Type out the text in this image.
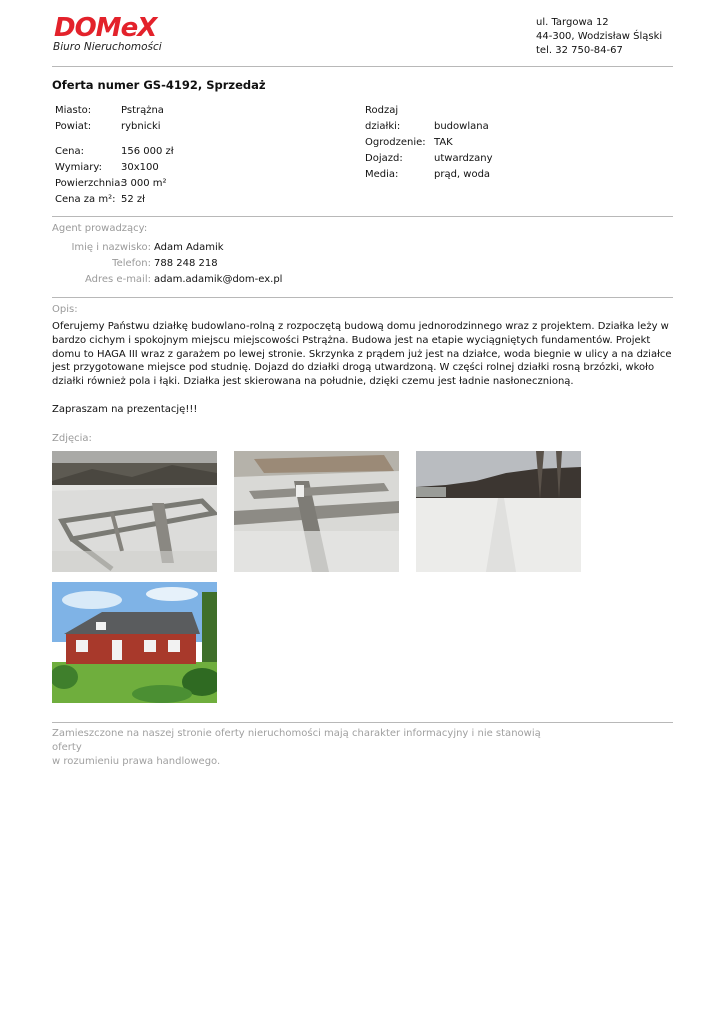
DOMeX
Biuro Nieruchomości
ul. Targowa 12
44-300, Wodzisław Śląski
tel. 32 750-84-67
Oferta numer GS-4192, Sprzedaż
Miasto:	Pstrążna
Powiat:	rybnicki
Cena:	156 000 zł
Wymiary: 30x100
Powierzchnia:3 000 m²
Cena za m²: 52 zł
Rodzaj działki:	budowlana
Ogrodzenie: TAK
Dojazd:	utwardzany
Media:	prąd, woda
Agent prowadzący:
Imię i nazwisko: Adam Adamik
Telefon: 788 248 218
Adres e-mail: adam.adamik@dom-ex.pl
Opis:
Oferujemy Państwu działkę budowlano-rolną z rozpoczętą budową domu jednorodzinnego wraz z projektem. Działka leży w bardzo cichym i spokojnym miejscu miejscowości Pstrążna. Budowa jest na etapie wyciągniętych fundamentów. Projekt domu to HAGA III wraz z garażem po lewej stronie. Skrzynka z prądem już jest na działce, woda biegnie w ulicy a na działce jest przygotowane miejsce pod studnię. Dojazd do działki drogą utwardzoną. W części rolnej działki rosną brzózki, wkoło działki również pola i łąki. Działka jest skierowana na południe, dzięki czemu jest ładnie nasłonecznioną.
Zapraszam na prezentację!!!
Zdjęcia:
Zamieszczone na naszej stronie oferty nieruchomości mają charakter informacyjny i nie stanowią oferty
w rozumieniu prawa handlowego.
